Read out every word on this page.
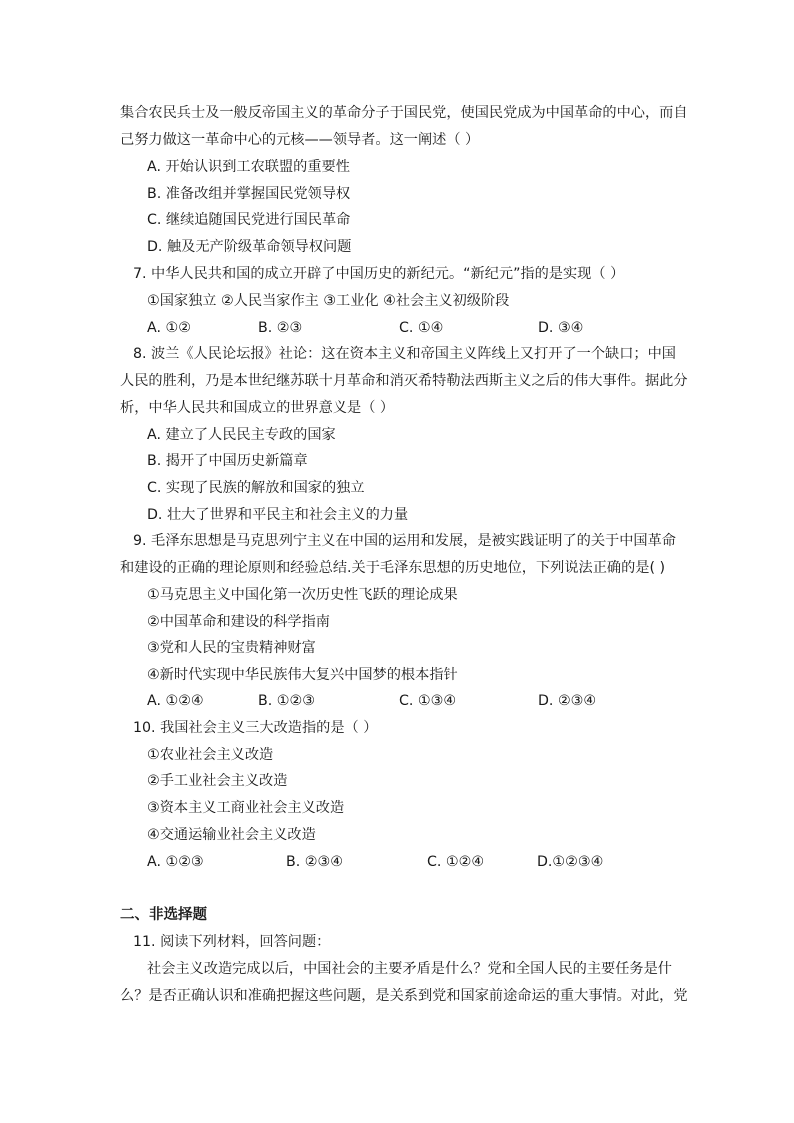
集合农民兵士及一般反帝国主义的革命分子于国民党，使国民党成为中国革命的中心，而自
己努力做这一革命中心的元核——领导者。这一阐述（ ）
A. 开始认识到工农联盟的重要性
B. 准备改组并掌握国民党领导权
C. 继续追随国民党进行国民革命
D. 触及无产阶级革命领导权问题
7. 中华人民共和国的成立开辟了中国历史的新纪元。“新纪元”指的是实现（ ）
①国家独立 ②人民当家作主 ③工业化 ④社会主义初级阶段
A. ①②	B. ②③	C. ①④	D. ③④
8. 波兰《人民论坛报》社论：这在资本主义和帝国主义阵线上又打开了一个缺口；中国
人民的胜利，乃是本世纪继苏联十月革命和消灭希特勒法西斯主义之后的伟大事件。据此分
析，中华人民共和国成立的世界意义是（ ）
A. 建立了人民民主专政的国家
B. 揭开了中国历史新篇章
C. 实现了民族的解放和国家的独立
D. 壮大了世界和平民主和社会主义的力量
9. 毛泽东思想是马克思列宁主义在中国的运用和发展，是被实践证明了的关于中国革命
和建设的正确的理论原则和经验总结.关于毛泽东思想的历史地位，下列说法正确的是( )
①马克思主义中国化第一次历史性飞跃的理论成果
②中国革命和建设的科学指南
③党和人民的宝贵精神财富
④新时代实现中华民族伟大复兴中国梦的根本指针
A. ①②④	B. ①②③	C. ①③④	D. ②③④
10. 我国社会主义三大改造指的是（ ）
①农业社会主义改造
②手工业社会主义改造
③资本主义工商业社会主义改造
④交通运输业社会主义改造
A. ①②③	B. ②③④	C. ①②④	D.①②③④
二、非选择题
11. 阅读下列材料，回答问题：
社会主义改造完成以后，中国社会的主要矛盾是什么？党和全国人民的主要任务是什
么？是否正确认识和准确把握这些问题，是关系到党和国家前途命运的重大事情。对此，党
